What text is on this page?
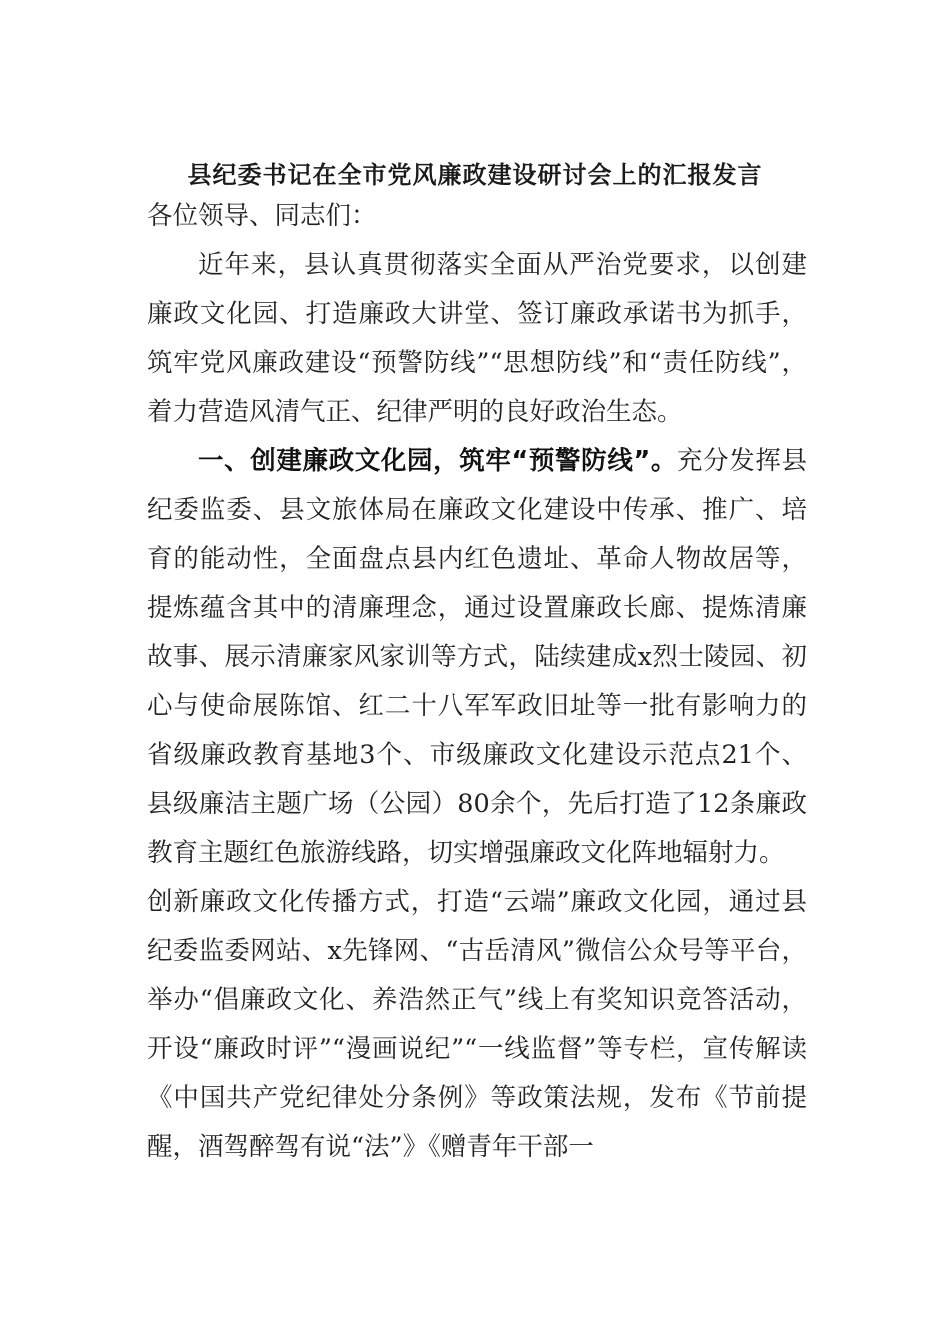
县纪委书记在全市党风廉政建设研讨会上的汇报发言

各位领导、同志们：

近年来，县认真贯彻落实全面从严治党要求，以创建廉政文化园、打造廉政大讲堂、签订廉政承诺书为抓手，筑牢党风廉政建设“预警防线”“思想防线”和“责任防线”，着力营造风清气正、纪律严明的良好政治生态。

一、创建廉政文化园，筑牢“预警防线”。充分发挥县纪委监委、县文旅体局在廉政文化建设中传承、推广、培育的能动性，全面盘点县内红色遗址、革命人物故居等，提炼蕴含其中的清廉理念，通过设置廉政长廊、提炼清廉故事、展示清廉家风家训等方式，陆续建成x烈士陵园、初心与使命展陈馆、红二十八军军政旧址等一批有影响力的省级廉政教育基地3个、市级廉政文化建设示范点21个、县级廉洁主题广场（公园）80余个，先后打造了12条廉政教育主题红色旅游线路，切实增强廉政文化阵地辐射力。

创新廉政文化传播方式，打造“云端”廉政文化园，通过县纪委监委网站、x先锋网、“古岳清风”微信公众号等平台，举办“倡廉政文化、养浩然正气”线上有奖知识竞答活动，开设“廉政时评”“漫画说纪”“一线监督”等专栏，宣传解读《中国共产党纪律处分条例》等政策法规，发布《节前提醒，酒驾醉驾有说“法”》《赠青年干部一
